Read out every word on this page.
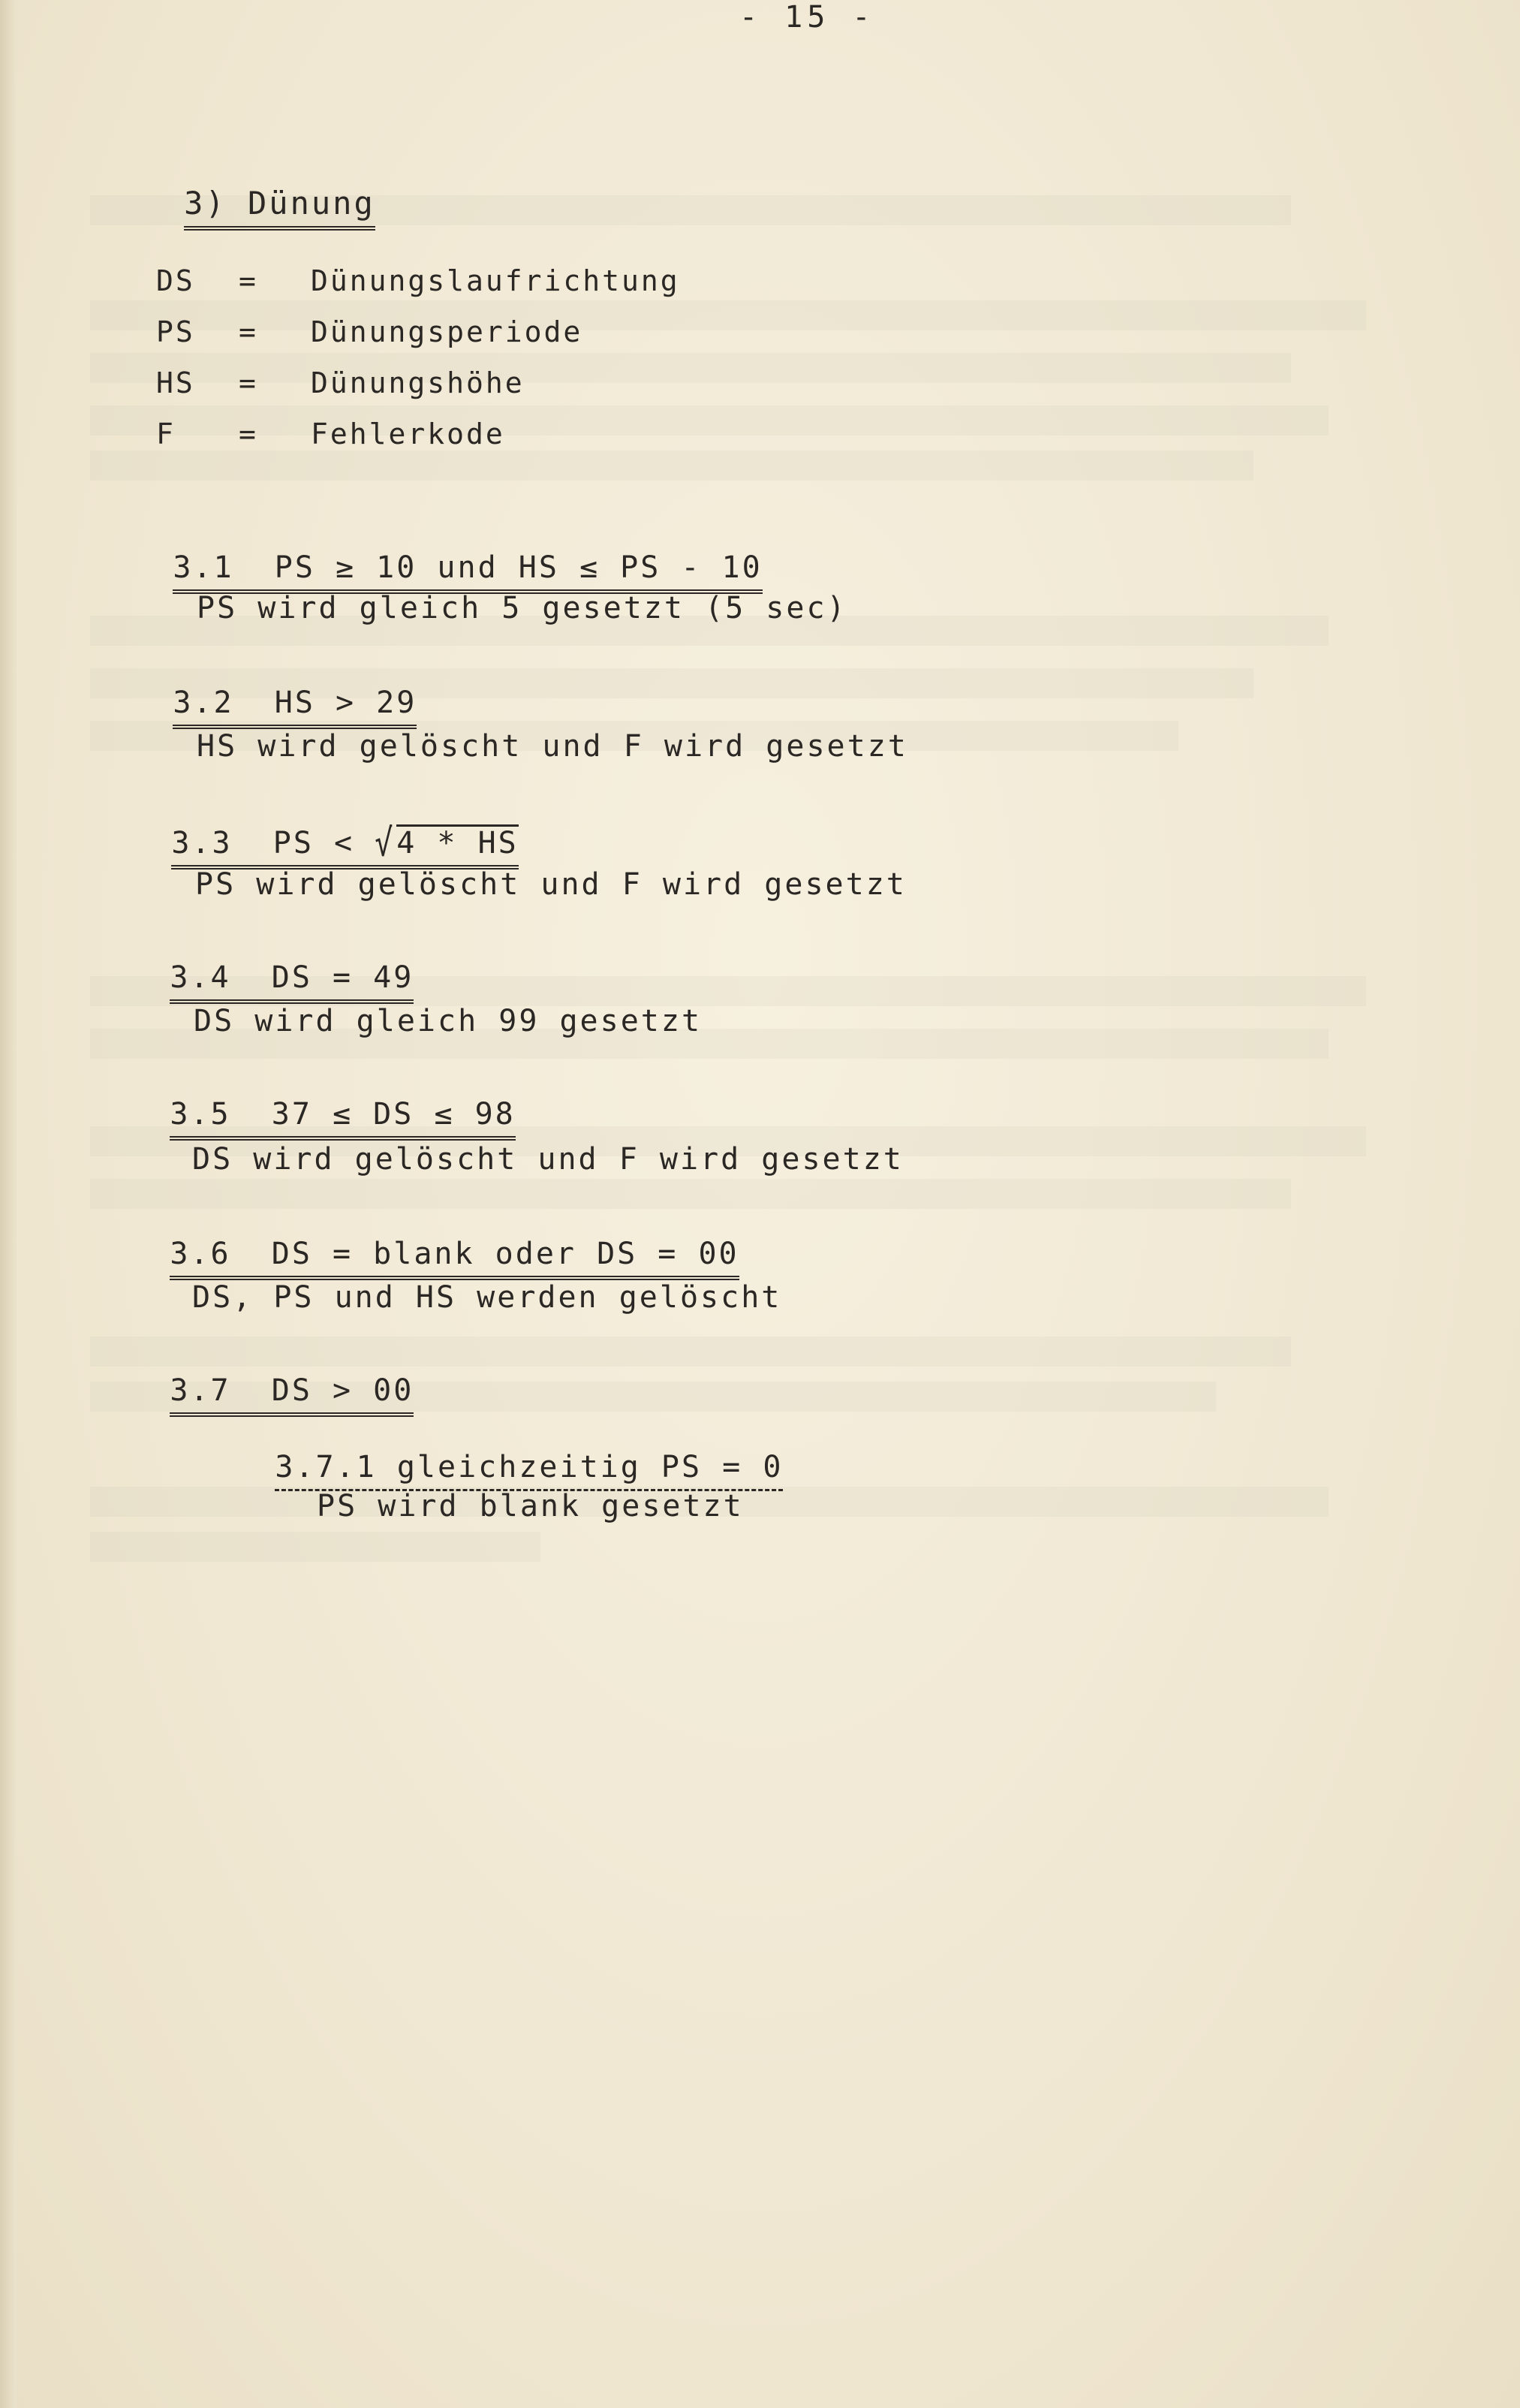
- 15 -

3) Dünung

DS	=	Dünungslaufrichtung
PS	=	Dünungsperiode
HS	=	Dünungshöhe
F	=	Fehlerkode

3.1 PS ≥ 10 und HS ≤ PS - 10

PS wird gleich 5 gesetzt (5 sec)

3.2 HS > 29

HS wird gelöscht und F wird gesetzt

3.3 PS < √4 * HS

PS wird gelöscht und F wird gesetzt

3.4 DS = 49

DS wird gleich 99 gesetzt

3.5 37 ≤ DS ≤ 98

DS wird gelöscht und F wird gesetzt

3.6 DS = blank oder DS = 00

DS, PS und HS werden gelöscht

3.7 DS > 00

3.7.1 gleichzeitig PS = 0

PS wird blank gesetzt
